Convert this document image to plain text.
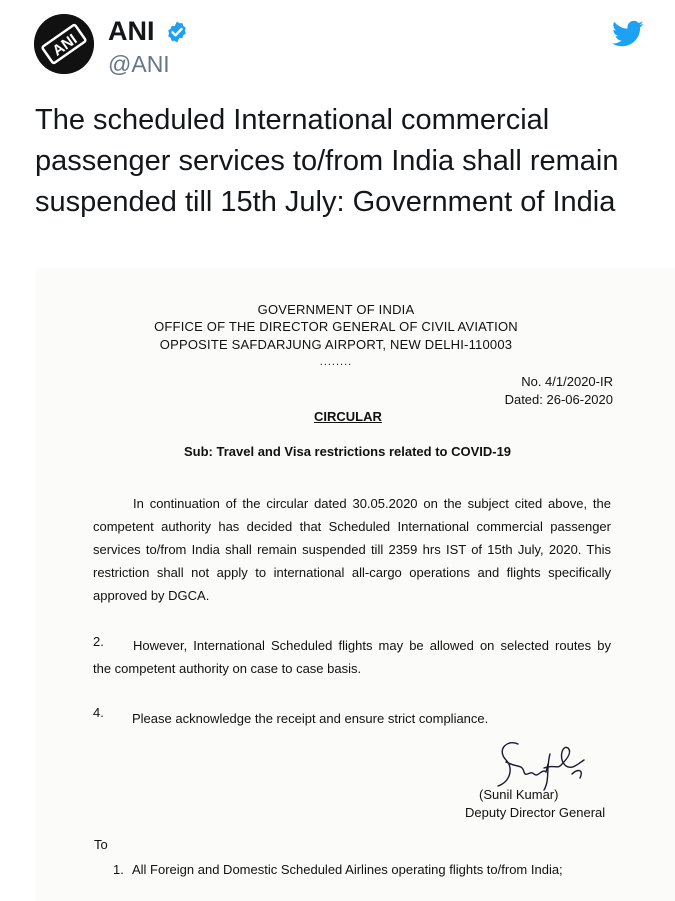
ANI ANI
@ANI
The scheduled International commercial passenger services to/from India shall remain suspended till 15th July: Government of India
GOVERNMENT OF INDIA
OFFICE OF THE DIRECTOR GENERAL OF CIVIL AVIATION
OPPOSITE SAFDARJUNG AIRPORT, NEW DELHI-110003
........
No. 4/1/2020-IR
Dated: 26-06-2020
CIRCULAR
Sub: Travel and Visa restrictions related to COVID-19
In continuation of the circular dated 30.05.2020 on the subject cited above, the
competent authority has decided that Scheduled International commercial passenger
services to/from India shall remain suspended till 2359 hrs IST of 15th July, 2020. This
restriction shall not apply to international all-cargo operations and flights specifically
approved by DGCA.
2.	However, International Scheduled flights may be allowed on selected routes by
the competent authority on case to case basis.
4. Please acknowledge the receipt and ensure strict compliance.
(Sunil Kumar)
Deputy Director General
To
1. All Foreign and Domestic Scheduled Airlines operating flights to/from India;
